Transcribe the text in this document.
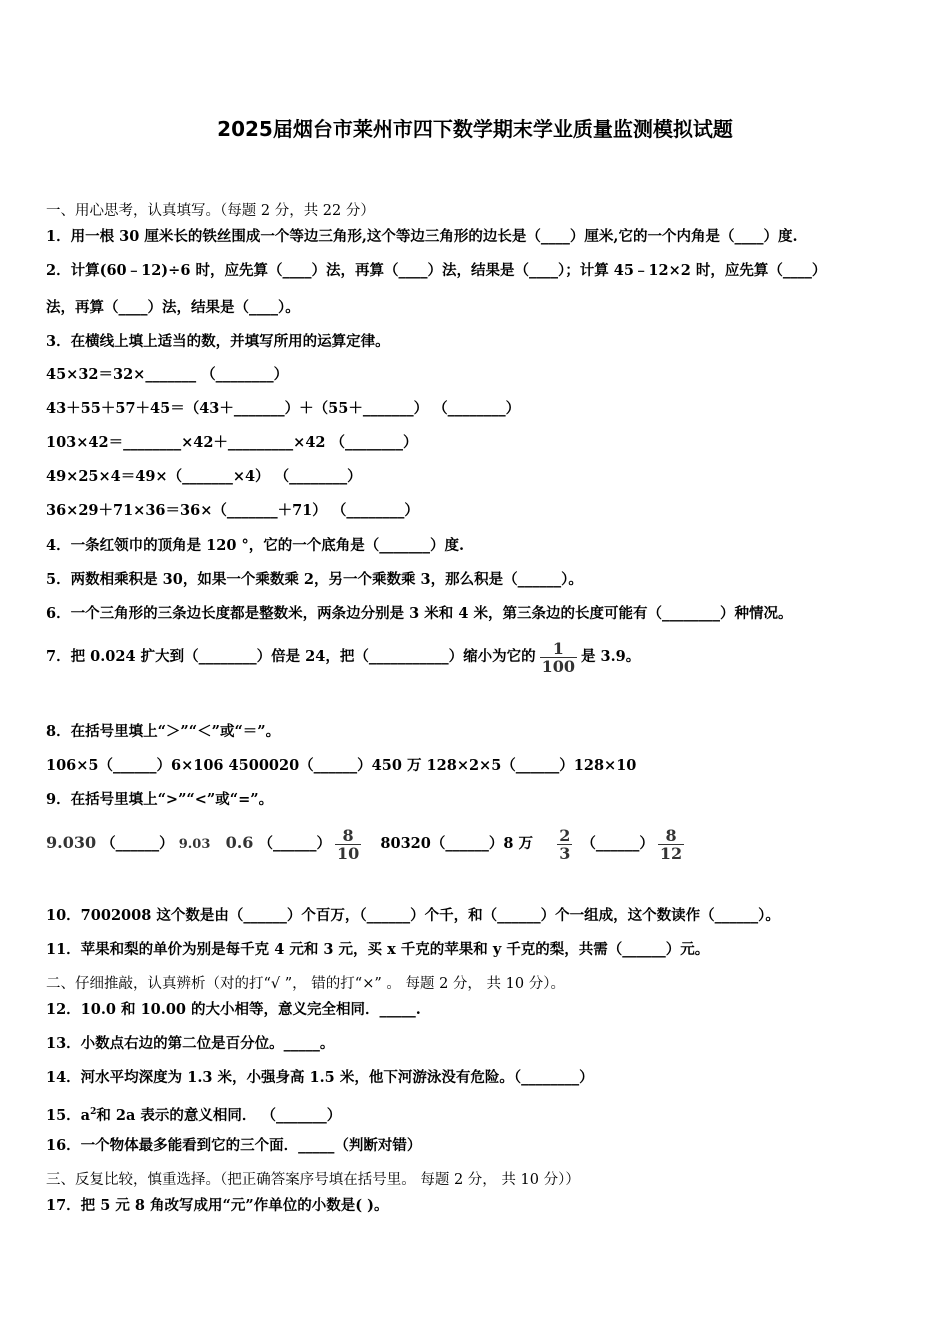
2025届烟台市莱州市四下数学期末学业质量监测模拟试题
一、用心思考，认真填写。（每题 2 分，共 22 分）
1．用一根 30 厘米长的铁丝围成一个等边三角形,这个等边三角形的边长是（____）厘米,它的一个内角是（____）度.
2．计算(60﹣12)÷6 时，应先算（____）法，再算（____）法，结果是（____）；计算 45﹣12×2 时，应先算（____）
法，再算（____）法，结果是（____）。
3．在横线上填上适当的数，并填写所用的运算定律。
45×32＝32×_______ （________）
43＋55＋57＋45＝（43＋_______）＋（55＋_______） （________）
103×42＝________×42＋_________×42 （________）
49×25×4＝49×（_______×4） （________）
36×29＋71×36＝36×（_______＋71） （________）
4．一条红领巾的顶角是 120 °，它的一个底角是（_______）度.
5．两数相乘积是 30，如果一个乘数乘 2，另一个乘数乘 3，那么积是（______）。
6．一个三角形的三条边长度都是整数米，两条边分别是 3 米和 4 米，第三条边的长度可能有（________）种情况。
7．把 0.024 扩大到（________）倍是 24，把（___________）缩小为它的 $\frac{1}{100}$ 是 3.9。
8．在括号里填上“＞”“＜”或“＝”。
106×5（______）6×106 4500020（______）450 万 128×2×5（______）128×10
9．在括号里填上“>”“<”或“=”。
9.030 （______） 9.03 0.6 （______） $\frac{8}{10}$ 80320（______）8 万 $\frac{2}{3}$ （______） $\frac{8}{12}$
10．7002008 这个数是由（______）个百万，（______）个千，和（______）个一组成，这个数读作（______）。
11．苹果和梨的单价为别是每千克 4 元和 3 元，买 x 千克的苹果和 y 千克的梨，共需（______）元。
二、仔细推敲，认真辨析（对的打“√ ”， 错的打“×” 。 每题 2 分， 共 10 分）。
12．10.0 和 10.00 的大小相等，意义完全相同．_____.
13．小数点右边的第二位是百分位。_____。
14．河水平均深度为 1.3 米，小强身高 1.5 米，他下河游泳没有危险。（________）
15．$a^2$和 2a 表示的意义相同． （_______）
16．一个物体最多能看到它的三个面．_____（判断对错）
三、反复比较，慎重选择。（把正确答案序号填在括号里。 每题 2 分， 共 10 分））
17．把 5 元 8 角改写成用“元”作单位的小数是( )。
